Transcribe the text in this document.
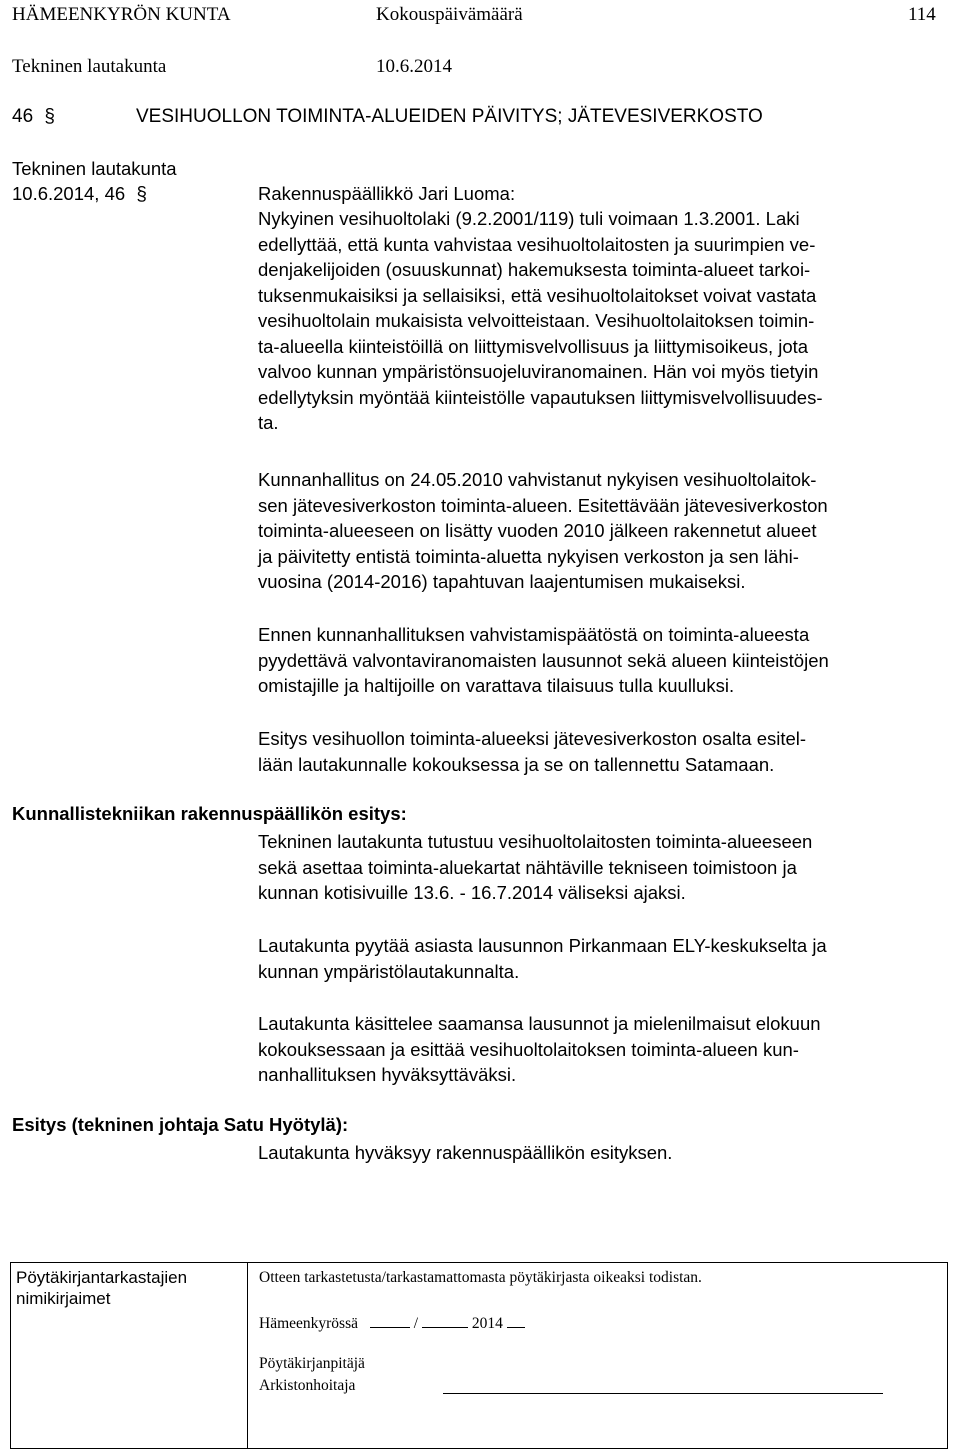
HÄMEENKYRÖN KUNTA	Kokouspäivämäärä	114
Tekninen lautakunta	10.6.2014
46 §	VESIHUOLLON TOIMINTA-ALUEIDEN PÄIVITYS; JÄTEVESIVERKOSTO
Tekninen lautakunta
10.6.2014, 46 §	Rakennuspäällikkö Jari Luoma:
Nykyinen vesihuoltolaki (9.2.2001/119) tuli voimaan 1.3.2001. Laki
edellyttää, että kunta vahvistaa vesihuoltolaitosten ja suurimpien ve-
denjakelijoiden (osuuskunnat) hakemuksesta toiminta-alueet tarkoi-
tuksenmukaisiksi ja sellaisiksi, että vesihuoltolaitokset voivat vastata
vesihuoltolain mukaisista velvoitteistaan. Vesihuoltolaitoksen toimin-
ta-alueella kiinteistöillä on liittymisvelvollisuus ja liittymisoikeus, jota
valvoo kunnan ympäristönsuojeluviranomainen. Hän voi myös tietyin
edellytyksin myöntää kiinteistölle vapautuksen liittymisvelvollisuudes-
ta.
Kunnanhallitus on 24.05.2010 vahvistanut nykyisen vesihuoltolaitok-
sen jätevesiverkoston toiminta-alueen. Esitettävään jätevesiverkoston
toiminta-alueeseen on lisätty vuoden 2010 jälkeen rakennetut alueet
ja päivitetty entistä toiminta-aluetta nykyisen verkoston ja sen lähi-
vuosina (2014-2016) tapahtuvan laajentumisen mukaiseksi.
Ennen kunnanhallituksen vahvistamispäätöstä on toiminta-alueesta
pyydettävä valvontaviranomaisten lausunnot sekä alueen kiinteistöjen
omistajille ja haltijoille on varattava tilaisuus tulla kuulluksi.
Esitys vesihuollon toiminta-alueeksi jätevesiverkoston osalta esitel-
lään lautakunnalle kokouksessa ja se on tallennettu Satamaan.
Kunnallistekniikan rakennuspäällikön esitys:
Tekninen lautakunta tutustuu vesihuoltolaitosten toiminta-alueeseen
sekä asettaa toiminta-aluekartat nähtäville tekniseen toimistoon ja
kunnan kotisivuille 13.6. - 16.7.2014 väliseksi ajaksi.
Lautakunta pyytää asiasta lausunnon Pirkanmaan ELY-keskukselta ja
kunnan ympäristölautakunnalta.
Lautakunta käsittelee saamansa lausunnot ja mielenilmaisut elokuun
kokouksessaan ja esittää vesihuoltolaitoksen toiminta-alueen kun-
nanhallituksen hyväksyttäväksi.
Esitys (tekninen johtaja Satu Hyötylä):
Lautakunta hyväksyy rakennuspäällikön esityksen.
Pöytäkirjantarkastajien
nimikirjaimet
Otteen tarkastetusta/tarkastamattomasta pöytäkirjasta oikeaksi todistan.
Hämeenkyrössä	/	2014
Pöytäkirjanpitäjä
Arkistonhoitaja
